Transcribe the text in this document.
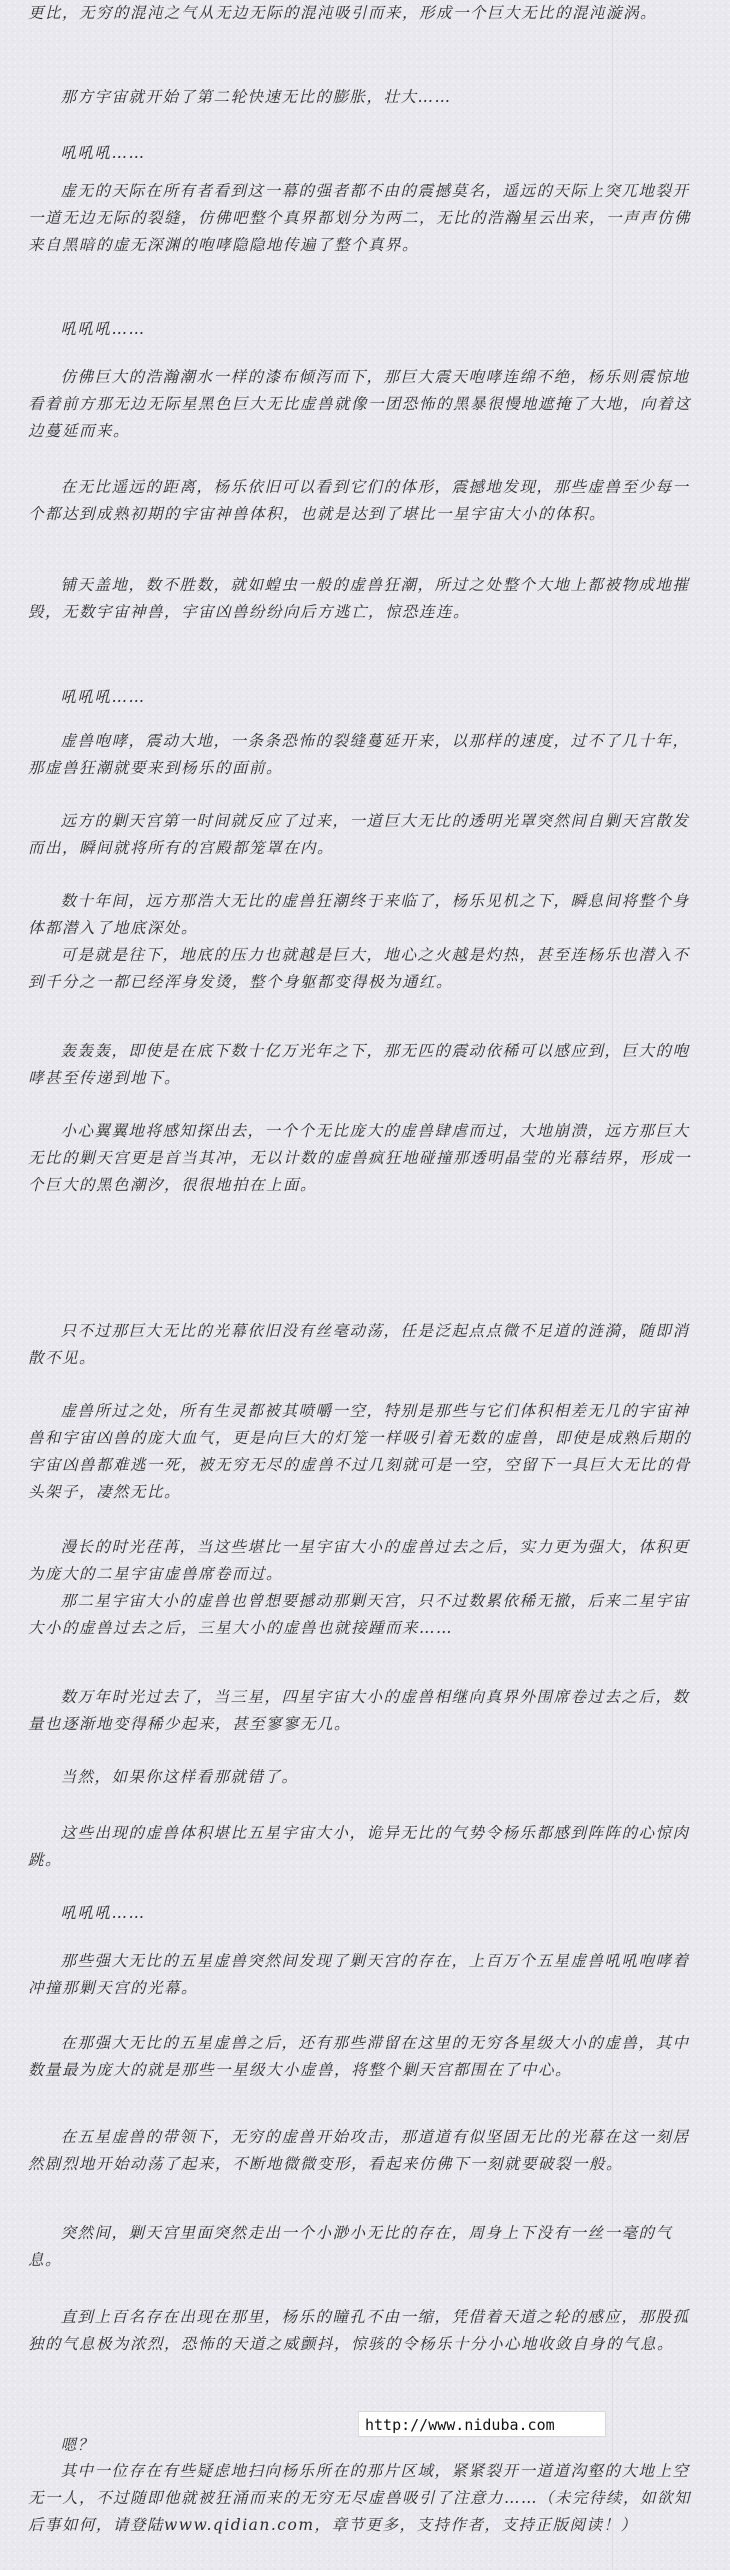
更比，无穷的混沌之气从无边无际的混沌吸引而来，形成一个巨大无比的混沌漩涡。

那方宇宙就开始了第二轮快速无比的膨胀，壮大……

吼吼吼……

虚无的天际在所有者看到这一幕的强者都不由的震撼莫名，遥远的天际上突兀地裂开一道无边无际的裂缝，仿佛吧整个真界都划分为两二，无比的浩瀚星云出来，一声声仿佛来自黑暗的虚无深渊的咆哮隐隐地传遍了整个真界。

吼吼吼……

仿佛巨大的浩瀚潮水一样的漆布倾泻而下，那巨大震天咆哮连绵不绝，杨乐则震惊地看着前方那无边无际星黑色巨大无比虚兽就像一团恐怖的黑暴很慢地遮掩了大地，向着这边蔓延而来。

在无比遥远的距离，杨乐依旧可以看到它们的体形，震撼地发现，那些虚兽至少每一个都达到成熟初期的宇宙神兽体积，也就是达到了堪比一星宇宙大小的体积。

铺天盖地，数不胜数，就如蝗虫一般的虚兽狂潮，所过之处整个大地上都被物成地摧毁，无数宇宙神兽，宇宙凶兽纷纷向后方逃亡，惊恐连连。

吼吼吼……

虚兽咆哮，震动大地，一条条恐怖的裂缝蔓延开来，以那样的速度，过不了几十年，那虚兽狂潮就要来到杨乐的面前。

远方的剿天宫第一时间就反应了过来，一道巨大无比的透明光罩突然间自剿天宫散发而出，瞬间就将所有的宫殿都笼罩在内。

数十年间，远方那浩大无比的虚兽狂潮终于来临了，杨乐见机之下，瞬息间将整个身体都潜入了地底深处。

可是就是往下，地底的压力也就越是巨大，地心之火越是灼热，甚至连杨乐也潜入不到千分之一都已经浑身发烫，整个身躯都变得极为通红。

轰轰轰，即使是在底下数十亿万光年之下，那无匹的震动依稀可以感应到，巨大的咆哮甚至传递到地下。

小心翼翼地将感知探出去，一个个无比庞大的虚兽肆虐而过，大地崩溃，远方那巨大无比的剿天宫更是首当其冲，无以计数的虚兽疯狂地碰撞那透明晶莹的光幕结界，形成一个巨大的黑色潮汐，很很地拍在上面。

只不过那巨大无比的光幕依旧没有丝毫动荡，任是泛起点点微不足道的涟漪，随即消散不见。

虚兽所过之处，所有生灵都被其喷嚼一空，特别是那些与它们体积相差无几的宇宙神兽和宇宙凶兽的庞大血气，更是向巨大的灯笼一样吸引着无数的虚兽，即使是成熟后期的宇宙凶兽都难逃一死，被无穷无尽的虚兽不过几刻就可是一空，空留下一具巨大无比的骨头架子，凄然无比。

漫长的时光荏苒，当这些堪比一星宇宙大小的虚兽过去之后，实力更为强大，体积更为庞大的二星宇宙虚兽席卷而过。

那二星宇宙大小的虚兽也曾想要撼动那剿天宫，只不过数累依稀无撤，后来二星宇宙大小的虚兽过去之后，三星大小的虚兽也就接踵而来……

数万年时光过去了，当三星，四星宇宙大小的虚兽相继向真界外围席卷过去之后，数量也逐渐地变得稀少起来，甚至寥寥无几。

当然，如果你这样看那就错了。

这些出现的虚兽体积堪比五星宇宙大小，诡异无比的气势令杨乐都感到阵阵的心惊肉跳。

吼吼吼……

那些强大无比的五星虚兽突然间发现了剿天宫的存在，上百万个五星虚兽吼吼咆哮着冲撞那剿天宫的光幕。

在那强大无比的五星虚兽之后，还有那些滞留在这里的无穷各星级大小的虚兽，其中数量最为庞大的就是那些一星级大小虚兽，将整个剿天宫都围在了中心。

在五星虚兽的带领下，无穷的虚兽开始攻击，那道道有似坚固无比的光幕在这一刻居然剧烈地开始动荡了起来，不断地微微变形，看起来仿佛下一刻就要破裂一般。

突然间，剿天宫里面突然走出一个小渺小无比的存在，周身上下没有一丝一毫的气息。

直到上百名存在出现在那里，杨乐的瞳孔不由一缩，凭借着天道之轮的感应，那股孤独的气息极为浓烈，恐怖的天道之威颤抖，惊骇的令杨乐十分小心地收敛自身的气息。

嗯？

其中一位存在有些疑虑地扫向杨乐所在的那片区域，紧紧裂开一道道沟壑的大地上空无一人，不过随即他就被狂涌而来的无穷无尽虚兽吸引了注意力……（未完待续，如欲知后事如何，请登陆www.qidian.com，章节更多，支持作者，支持正版阅读！）

http://www.niduba.com
